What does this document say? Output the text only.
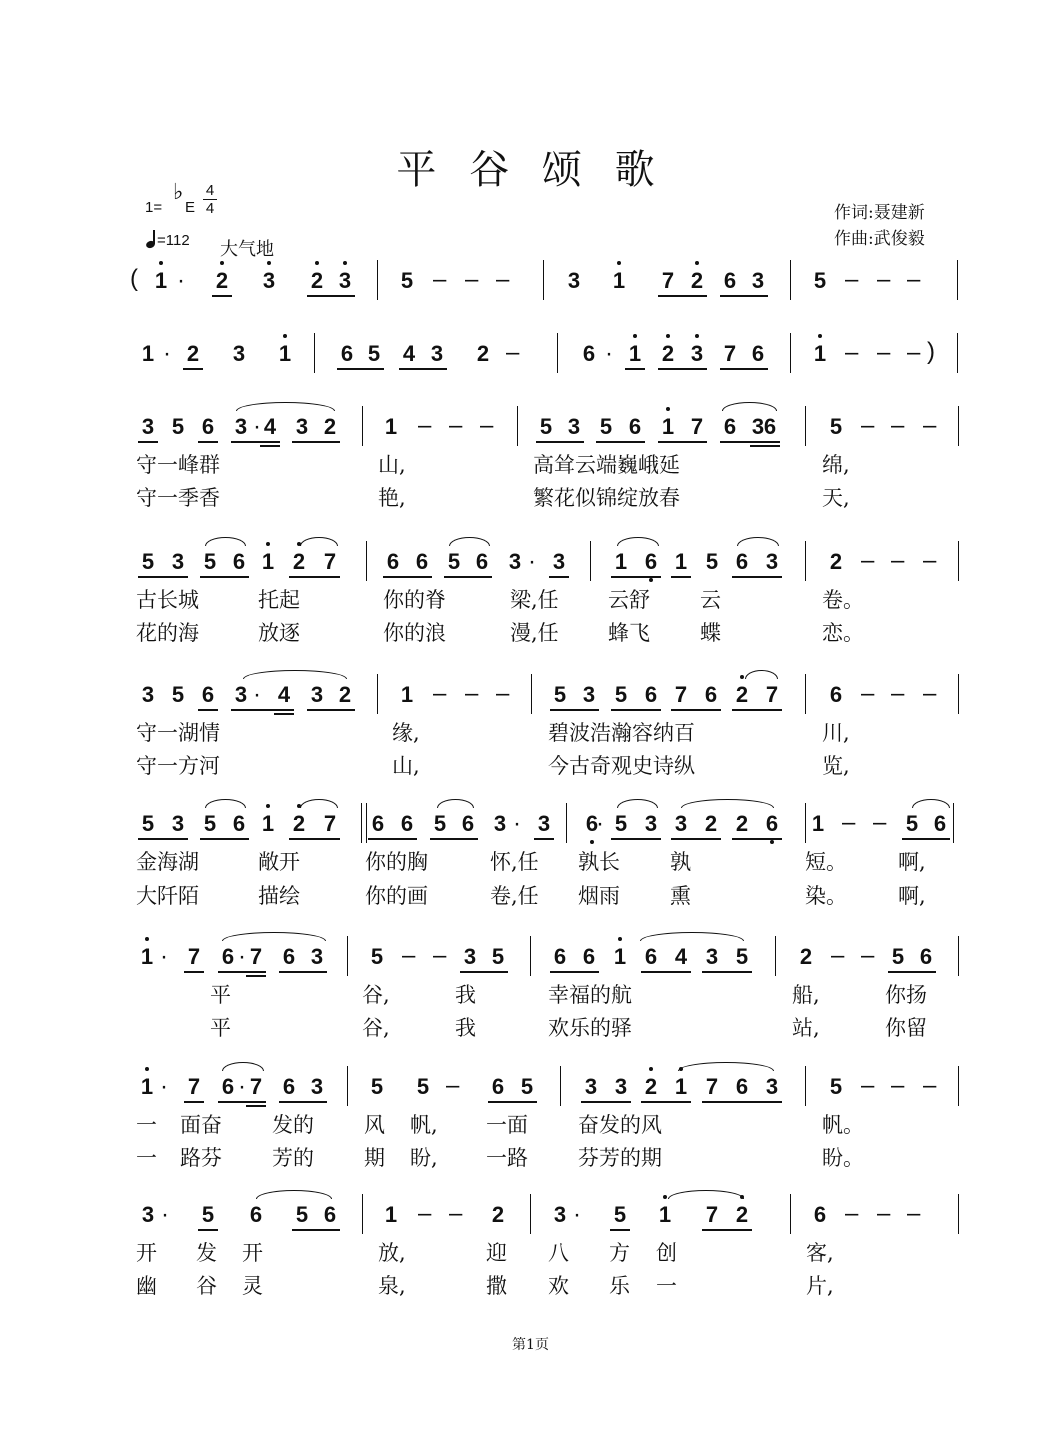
平 谷 颂 歌
1=
♭
E
4
4
=112 大气地
作词:聂建新
作曲:武俊毅
( 1 · 2 3 2 3 5 – – –	3 1 7 2 6 3 5 – – –
1 · 2 3 1 6 5 4 3 2 –	6 · 1 2 3 7 6 1 – – – )
3 5 6 3 · 4 3 2 1 – – – 5 3 5 6 1 7 6 3 6 5 – – –
守一峰群	山,	高耸云端巍峨延	绵,
守一季香	艳,	繁花似锦绽放春	天,
5 3 5 6 1 2 7 6 6 5 6 3 · 3 1 6 1 5 6 3 2 – – –
古长城	托起	你的脊	梁,任 云舒 云	卷。
花的海	放逐	你的浪	漫,任 蜂飞 蝶	恋。
3 5 6 3 · 4 3 2 1 – – – 5 3 5 6 7 6 2 7 6 – – –
守一湖情	缘,	碧波浩瀚容纳百	川,
守一方河	山,	今古奇观史诗纵	览,
5 3 5 6 1 2 7 6 6 5 6 3 · 3 6
· 5 3 3 2 2 6 1 – – 5 6
金海湖	敞开	你的胸	怀,任 孰长 孰	短。 啊,
大阡陌	描绘	你的画	卷,任 烟雨 熏	染。 啊,
1 · 7 6 · 7 6 3 5 – – 3 5 6 6 1 6 4 3 5 2 – – 5 6
平	谷,	我	幸福的航	船,	你扬
平	谷,	我	欢乐的驿	站,	你留
1 · 7 6 · 7 6 3 5 5 – 6 5 3 3 2 1 7 6 3 5 – – –
一 面奋 发的 风 帆, 一面 奋发的风	帆。
一 路芬 芳的 期 盼, 一路 芬芳的期	盼。
3 · 5 6 5 6 1 – – 2 3 · 5 1 7 2	6 – – –
开 发 开	放,	迎 八 方 创	客,
幽 谷 灵	泉,	撒 欢 乐 一	片,
第1页
